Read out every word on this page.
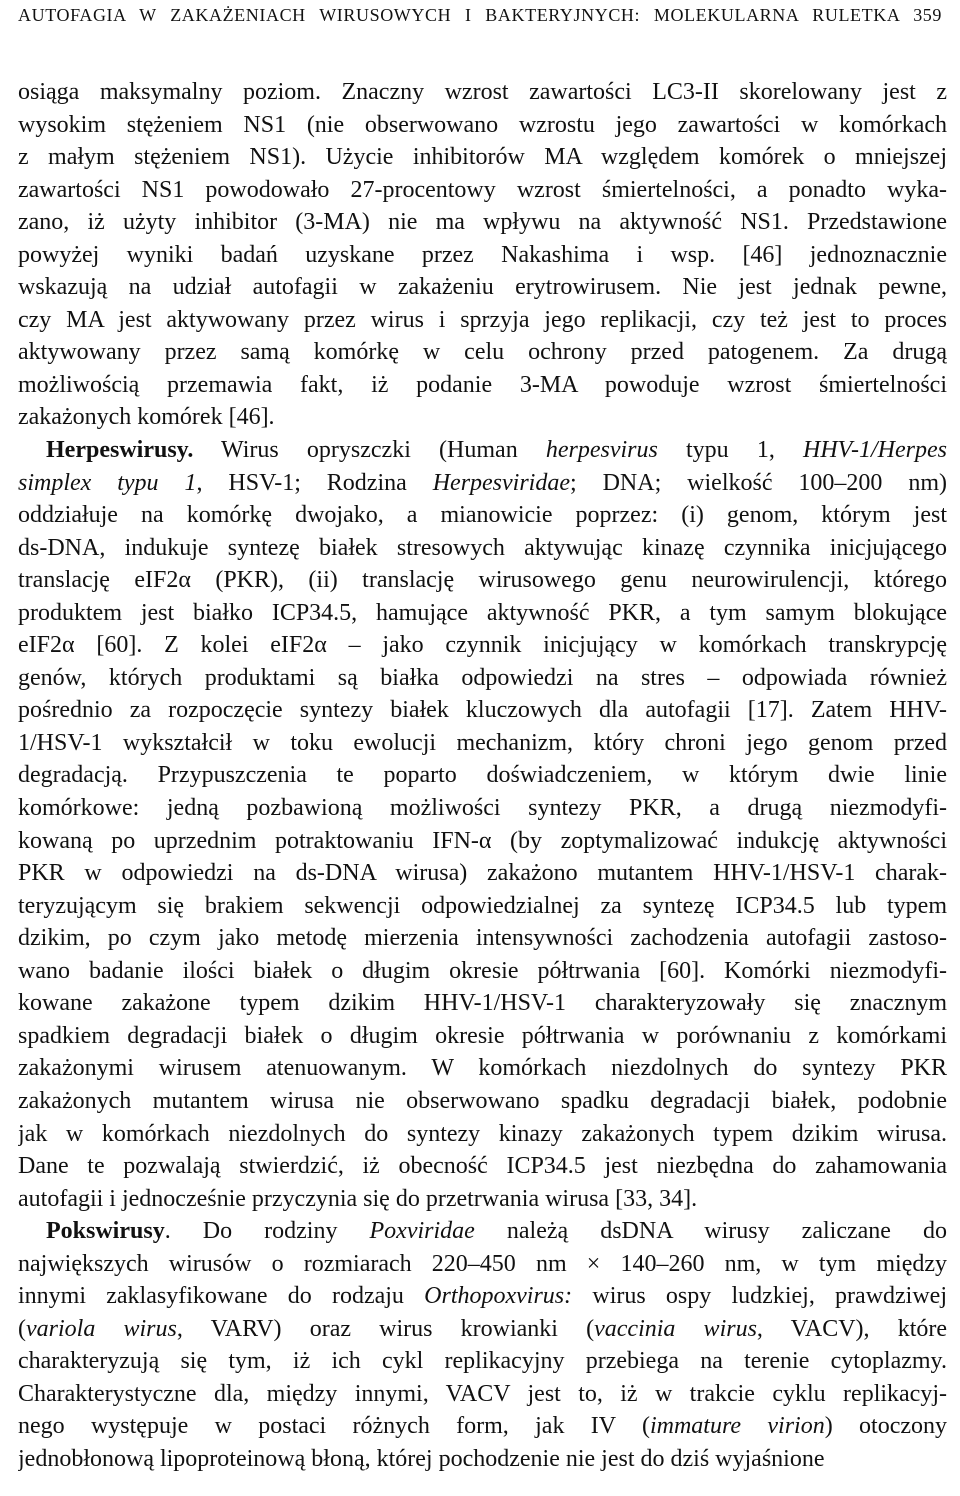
AUTOFAGIA W ZAKAŻENIACH WIRUSOWYCH I BAKTERYJNYCH: MOLEKULARNA RULETKA 359
osiąga maksymalny poziom. Znaczny wzrost zawartości LC3-II skorelowany jest z
wysokim stężeniem NS1 (nie obserwowano wzrostu jego zawartości w komórkach
z małym stężeniem NS1). Użycie inhibitorów MA względem komórek o mniejszej
zawartości NS1 powodowało 27-procentowy wzrost śmiertelności, a ponadto wyka-
zano, iż użyty inhibitor (3-MA) nie ma wpływu na aktywność NS1. Przedstawione
powyżej wyniki badań uzyskane przez Nakashima i wsp. [46] jednoznacznie
wskazują na udział autofagii w zakażeniu erytrowirusem. Nie jest jednak pewne,
czy MA jest aktywowany przez wirus i sprzyja jego replikacji, czy też jest to proces
aktywowany przez samą komórkę w celu ochrony przed patogenem. Za drugą
możliwością przemawia fakt, iż podanie 3-MA powoduje wzrost śmiertelności
zakażonych komórek [46].
Herpeswirusy. Wirus opryszczki (Human herpesvirus typu 1, HHV-1/Herpes
simplex typu 1, HSV-1; Rodzina Herpesviridae; DNA; wielkość 100–200 nm)
oddziałuje na komórkę dwojako, a mianowicie poprzez: (i) genom, którym jest
ds-DNA, indukuje syntezę białek stresowych aktywując kinazę czynnika inicjującego
translację eIF2α (PKR), (ii) translację wirusowego genu neurowirulencji, którego
produktem jest białko ICP34.5, hamujące aktywność PKR, a tym samym blokujące
eIF2α [60]. Z kolei eIF2α – jako czynnik inicjujący w komórkach transkrypcję
genów, których produktami są białka odpowiedzi na stres – odpowiada również
pośrednio za rozpoczęcie syntezy białek kluczowych dla autofagii [17]. Zatem HHV-
1/HSV-1 wykształcił w toku ewolucji mechanizm, który chroni jego genom przed
degradacją. Przypuszczenia te poparto doświadczeniem, w którym dwie linie
komórkowe: jedną pozbawioną możliwości syntezy PKR, a drugą niezmodyfi-
kowaną po uprzednim potraktowaniu IFN-α (by zoptymalizować indukcję aktywności
PKR w odpowiedzi na ds-DNA wirusa) zakażono mutantem HHV-1/HSV-1 charak-
teryzującym się brakiem sekwencji odpowiedzialnej za syntezę ICP34.5 lub typem
dzikim, po czym jako metodę mierzenia intensywności zachodzenia autofagii zastoso-
wano badanie ilości białek o długim okresie półtrwania [60]. Komórki niezmodyfi-
kowane zakażone typem dzikim HHV-1/HSV-1 charakteryzowały się znacznym
spadkiem degradacji białek o długim okresie półtrwania w porównaniu z komórkami
zakażonymi wirusem atenuowanym. W komórkach niezdolnych do syntezy PKR
zakażonych mutantem wirusa nie obserwowano spadku degradacji białek, podobnie
jak w komórkach niezdolnych do syntezy kinazy zakażonych typem dzikim wirusa.
Dane te pozwalają stwierdzić, iż obecność ICP34.5 jest niezbędna do zahamowania
autofagii i jednocześnie przyczynia się do przetrwania wirusa [33, 34].
Pokswirusy. Do rodziny Poxviridae należą dsDNA wirusy zaliczane do
największych wirusów o rozmiarach 220–450 nm × 140–260 nm, w tym między
innymi zaklasyfikowane do rodzaju Orthopoxvirus: wirus ospy ludzkiej, prawdziwej
(variola wirus, VARV) oraz wirus krowianki (vaccinia wirus, VACV), które
charakteryzują się tym, iż ich cykl replikacyjny przebiega na terenie cytoplazmy.
Charakterystyczne dla, między innymi, VACV jest to, iż w trakcie cyklu replikacyj-
nego występuje w postaci różnych form, jak IV (immature virion) otoczony
jednobłonową lipoproteinową błoną, której pochodzenie nie jest do dziś wyjaśnione
